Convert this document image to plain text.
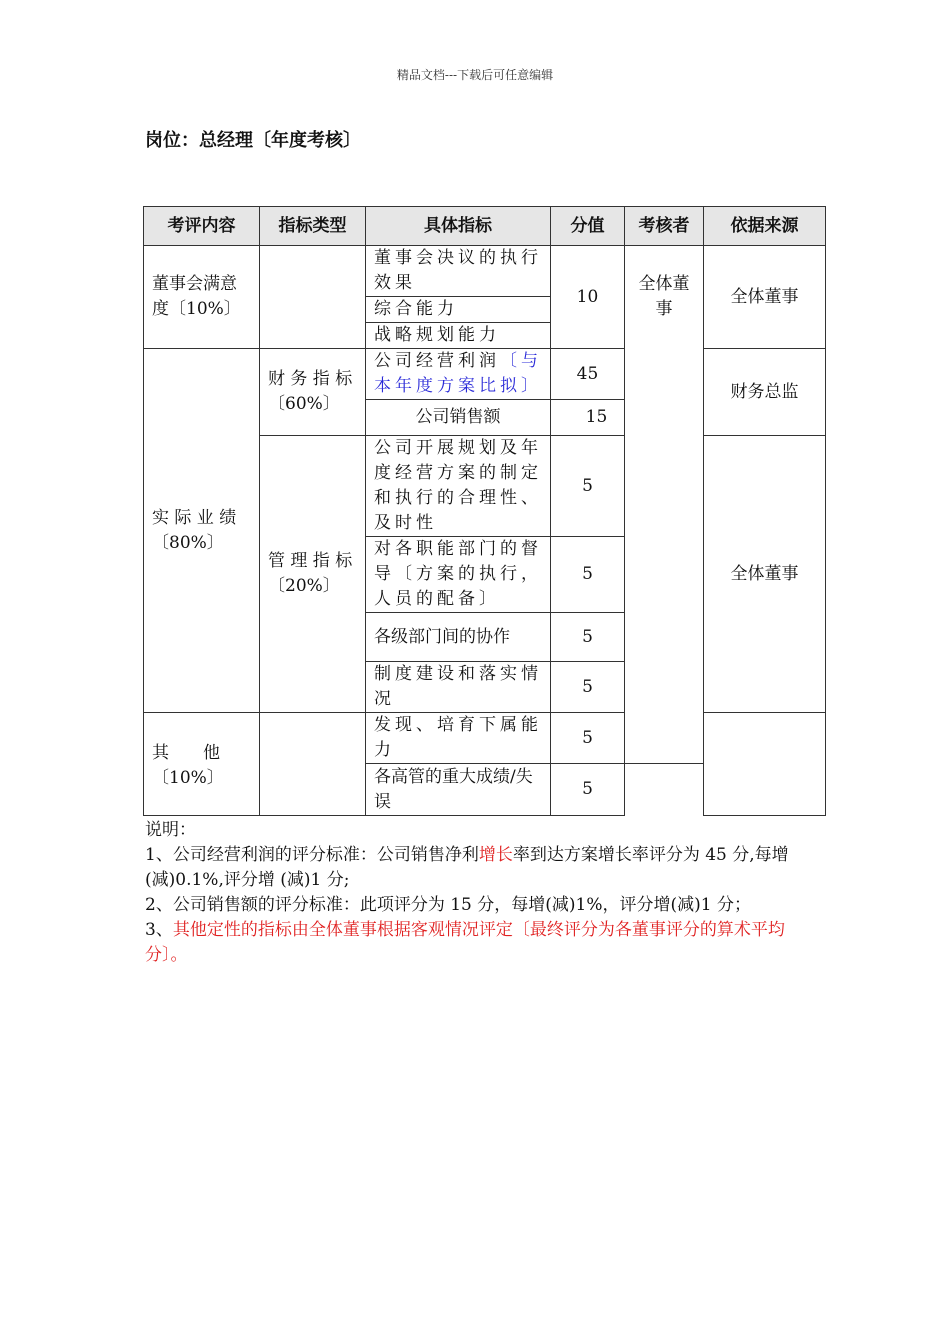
精品文档---下载后可任意编辑
岗位：总经理〔年度考核〕
考评内容	指标类型	具体指标	分值	考核者	依据来源
董事会满意度〔10%〕		董事会决议的执行效果	10	全体董事	全体董事
		综合能力			
		战略规划能力			
实 际 业 绩〔80%〕	财 务 指 标〔60%〕	公司经营利润〔与本年度方案比拟〕	45		财务总监
		公司销售额	15		
	管 理 指 标〔20%〕	公司开展规划及年度经营方案的制定和执行的合理性、及时性	5		全体董事
		对各职能部门的督导〔方案的执行，人员的配备〕	5		
		各级部门间的协作	5		
		制度建设和落实情况	5		
其　　他〔10%〕		发现、培育下属能力	5		
		各高管的重大成绩/失误	5		

说明：

1、公司经营利润的评分标准：公司销售净利增长率到达方案增长率评分为 45 分,每增(减)0.1%,评分增 (减)1 分;

2、公司销售额的评分标准：此项评分为 15 分，每增(减)1%，评分增(减)1 分；

3、其他定性的指标由全体董事根据客观情况评定〔最终评分为各董事评分的算术平均分〕。
